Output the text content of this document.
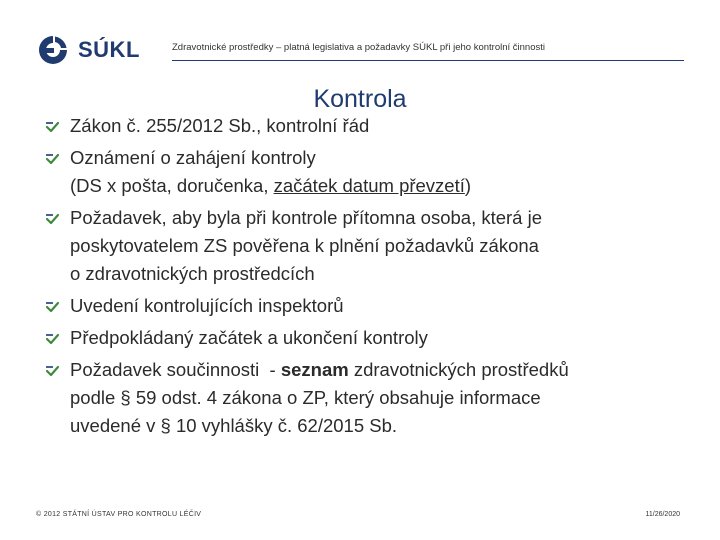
SÚKL	Zdravotnické prostředky – platná legislativa a požadavky SÚKL při jeho kontrolní činnosti
Kontrola
Zákon č. 255/2012 Sb., kontrolní řád
Oznámení o zahájení kontroly
(DS x pošta, doručenka, začátek datum převzetí)
Požadavek, aby byla při kontrole přítomna osoba, která je
poskytovatelem ZS pověřena k plnění požadavků zákona
o zdravotnických prostředcích
Uvedení kontrolujících inspektorů
Předpokládaný začátek a ukončení kontroly
Požadavek součinnosti  - seznam zdravotnických prostředků
podle § 59 odst. 4 zákona o ZP, který obsahuje informace
uvedené v § 10 vyhlášky č. 62/2015 Sb.
© 2012 STÁTNÍ ÚSTAV PRO KONTROLU LÉČIV	11/26/2020
